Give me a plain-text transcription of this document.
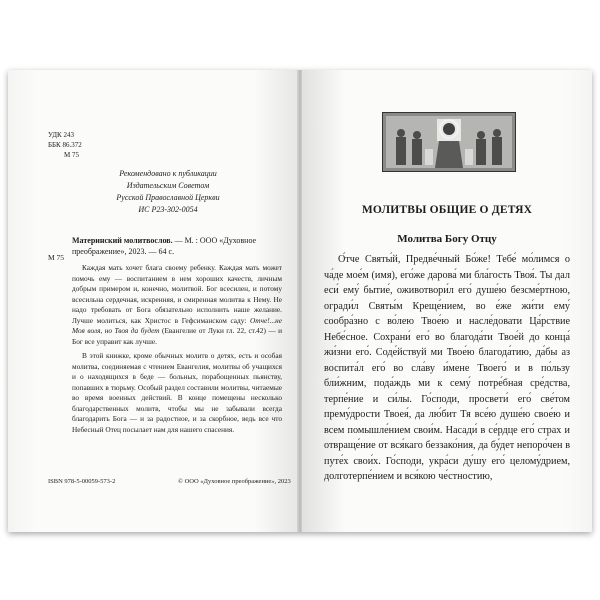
УДК 243
ББК 86.372
М 75
Рекомендовано к публикации
Издательским Советом
Русской Православной Церкви
ИС Р23-302-0054
Материнский молитвослов. — М. : ООО «Духовное преображение», 2023. — 64 с.
М 75

Каждая мать хочет блага своему ребенку. Каждая мать может помочь ему — воспитанием в нем хороших качеств, личным добрым примером и, конечно, молитвой. Бог всесилен, и потому всесильна сердечная, искренняя, и смиренная молитва к Нему. Не надо требовать от Бога обязательно исполнить наше желание. Лучше молиться, как Христос в Гефсиманском саду: Отче!...не Моя воля, но Твоя да будет (Евангелие от Луки гл. 22, ст.42) — и Бог все управит как лучше.

В этой книжке, кроме обычных молитв о детях, есть и особая молитва, соединяемая с чтением Евангелия, молитвы об учащихся и о находящихся в беде — больных, порабощенных пьянству, попавших в тюрьму. Особый раздел составили молитвы, читаемые во время военных действий. В конце помещены несколько благодарственных молитв, чтобы мы не забывали всегда благодарить Бога — и за радостное, и за скорбное, ведь все что Небесный Отец посылает нам для нашего спасения.

ISBN 978-5-00059-573-2	© ООО «Духовное преображение», 2023
МОЛИТВЫ ОБЩИЕ О ДЕТЯХ
Молитва Богу Отцу
О́тче Святы́й, Предве́чный Бо́же! Тебе́ мо́лимся о ча́де мое́м (имя), его́же дарова́ ми бла́гость Твоя́. Ты дал еси́ ему́ бытие́, оживотвори́л его́ душе́ю безсме́ртною, огради́л Святы́м Креще́нием, во е́же жи́ти ему́ сообра́зно с во́лею Твое́ю и насле́довати Ца́рствие Небе́сное. Сохрани́ его́ во благода́ти Твое́й до конца́ жи́зни его́. Соде́йствуй ми Твое́ю благода́тию, да́бы аз воспита́л его́ во сла́ву и́мене Твоего́ и в по́льзу бли́жним, пода́ждь ми к сему́ потре́бная сре́дства, терпе́ние и си́лы. Го́споди, просвети́ его́ све́том прему́дрости Твоея́, да лю́бит Тя все́ю душе́ю свое́ю и всем помышле́нием свои́м. Насади́ в се́рдце его́ страх и отвраще́ние от вся́каго беззако́ния, да бу́дет непоро́чен в путе́х свои́х. Го́споди, укра́си ду́шу его́ целому́дрием, долготерпе́нием и вся́кою че́стностию,
